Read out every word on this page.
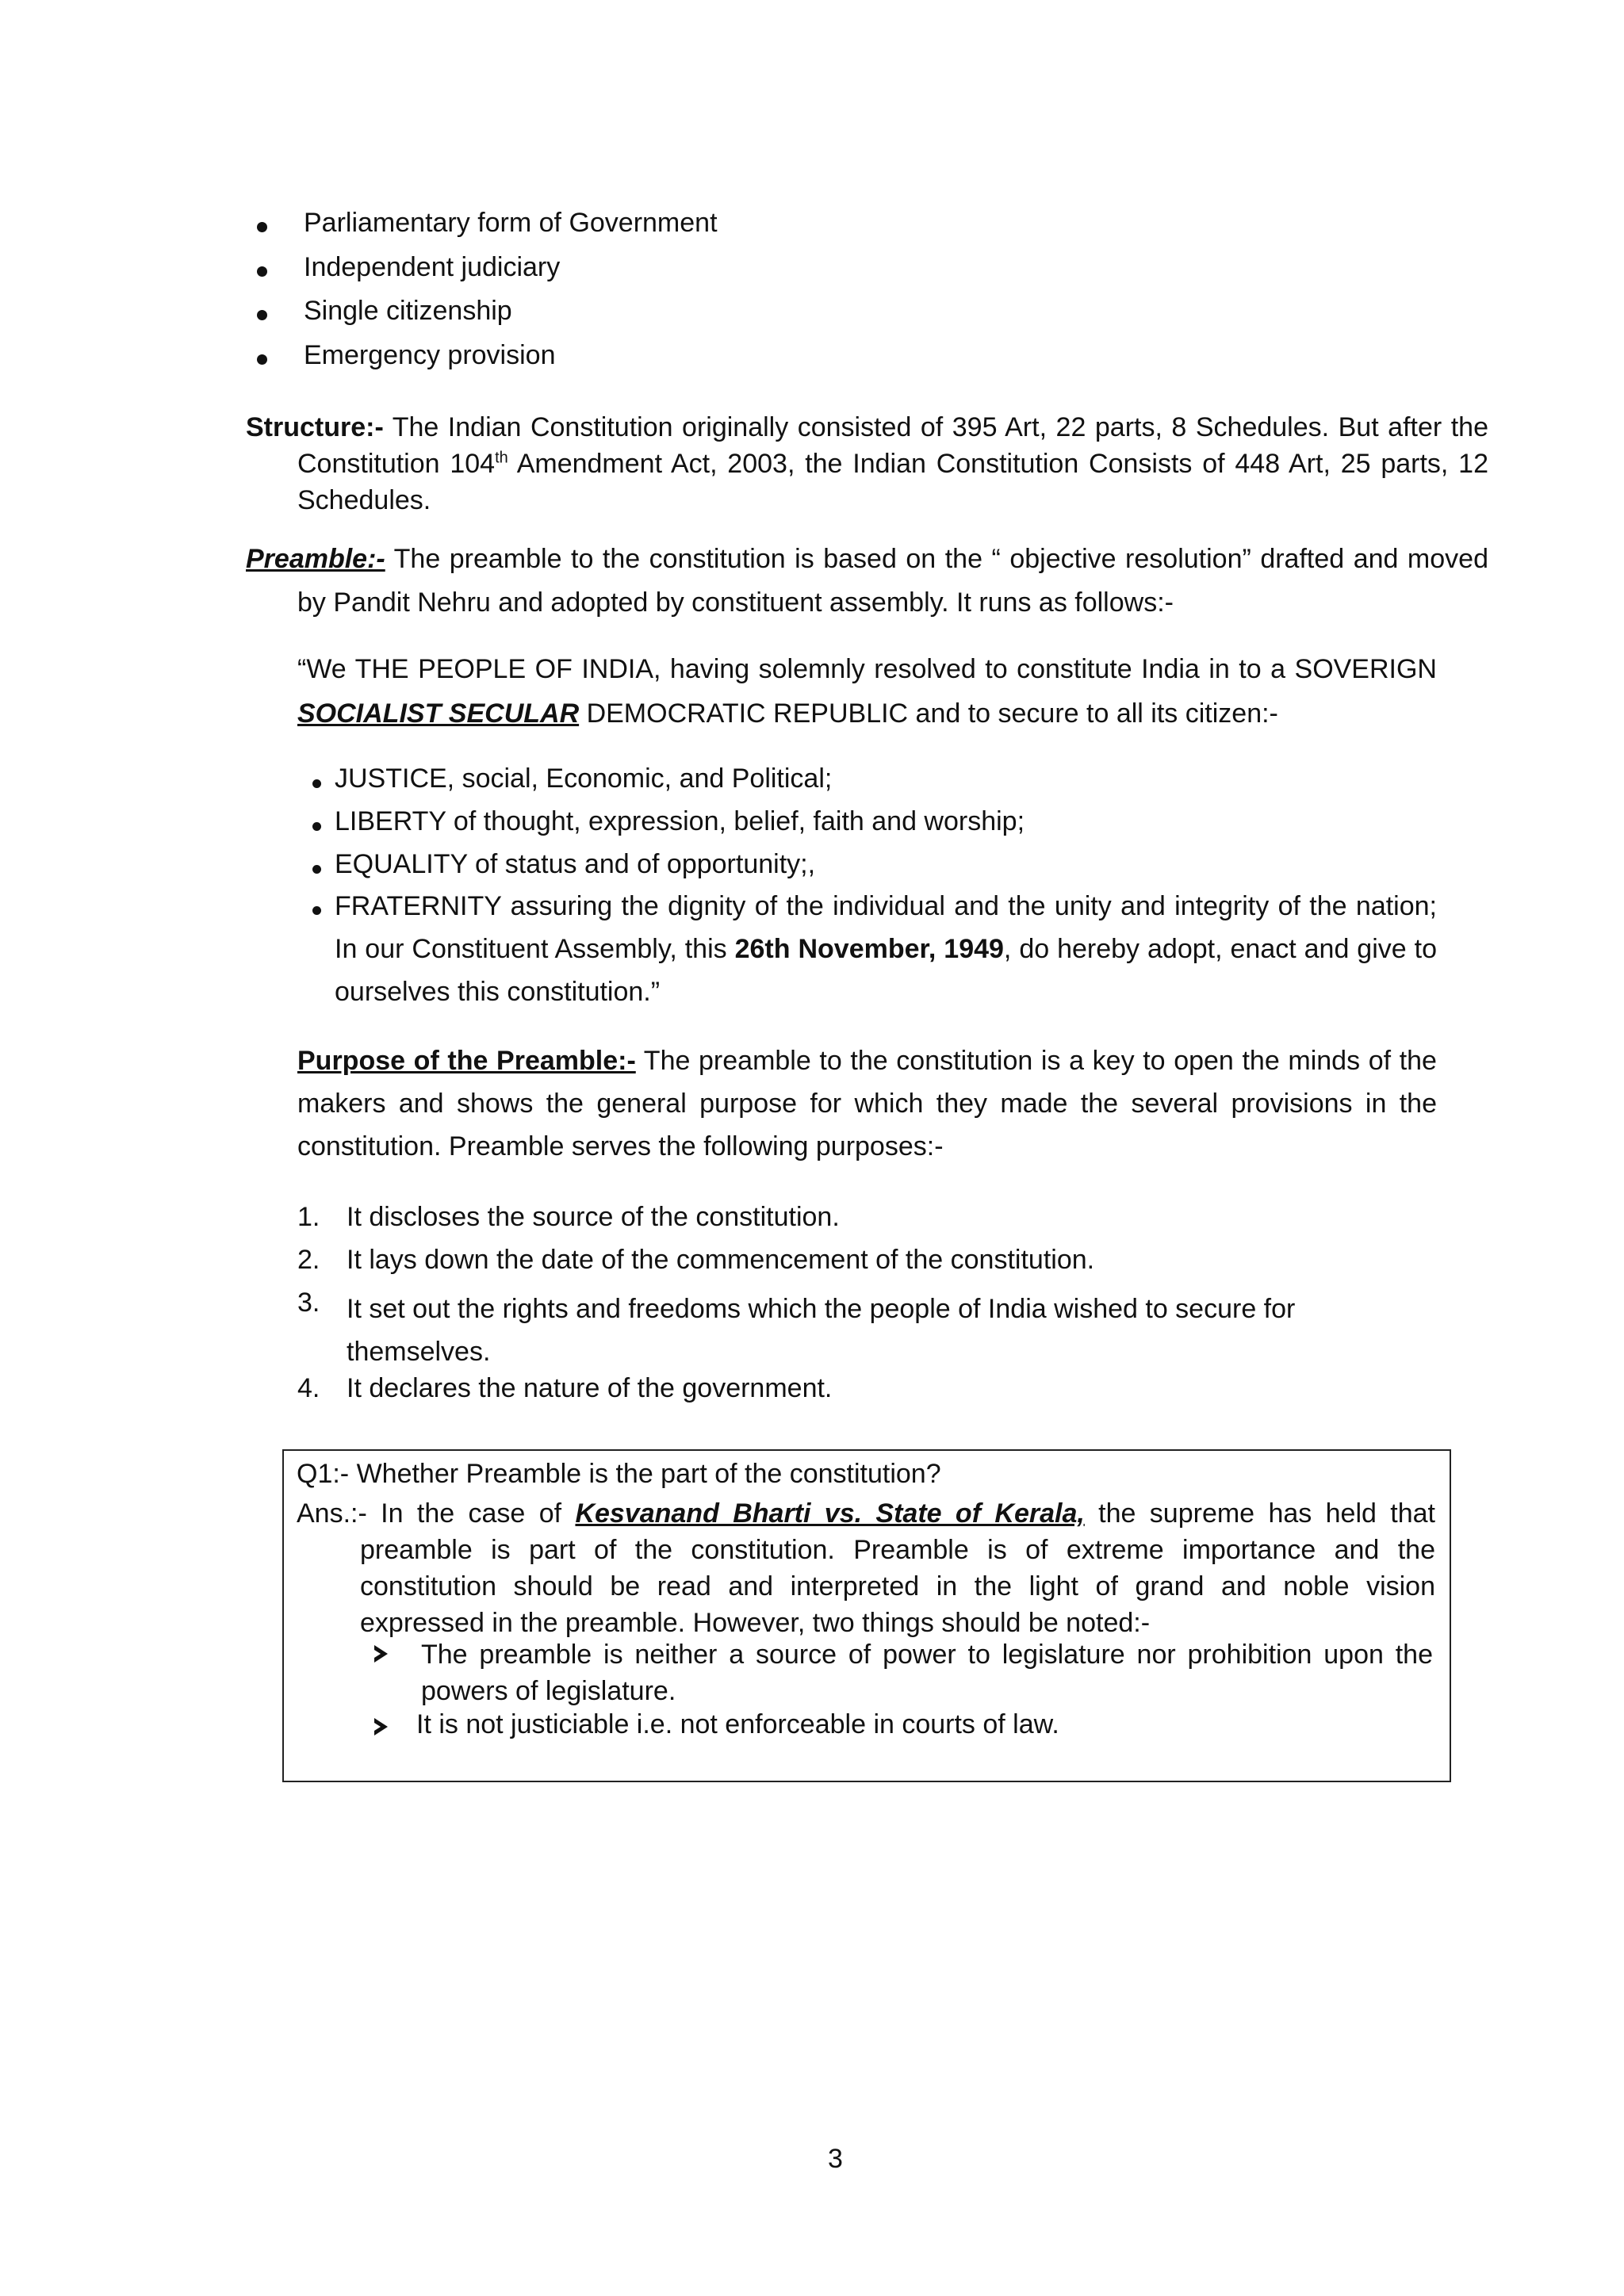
Parliamentary form of Government
Independent judiciary
Single citizenship
Emergency provision
Structure:- The Indian Constitution originally consisted of 395 Art, 22 parts, 8 Schedules. But after the Constitution 104th Amendment Act, 2003, the Indian Constitution Consists of 448 Art, 25 parts, 12 Schedules.
Preamble:- The preamble to the constitution is based on the “ objective resolution” drafted and moved by Pandit Nehru and adopted by constituent assembly. It runs as follows:-
“We THE PEOPLE OF INDIA, having solemnly resolved to constitute India in to a SOVERIGN SOCIALIST SECULAR DEMOCRATIC REPUBLIC and to secure to all its citizen:-
JUSTICE, social, Economic, and Political;
LIBERTY of thought, expression, belief, faith and worship;
EQUALITY of status and of opportunity;,
FRATERNITY assuring the dignity of the individual and the unity and integrity of the nation; In our Constituent Assembly, this 26th November, 1949, do hereby adopt, enact and give to ourselves this constitution.”
Purpose of the Preamble:- The preamble to the constitution is a key to open the minds of the makers and shows the general purpose for which they made the several provisions in the constitution. Preamble serves the following purposes:-
1. It discloses the source of the constitution.
2. It lays down the date of the commencement of the constitution.
3. It set out the rights and freedoms which the people of India wished to secure for themselves.
4. It declares the nature of the government.
Q1:- Whether Preamble is the part of the constitution?
Ans.:- In the case of Kesvanand Bharti vs. State of Kerala, the supreme has held that preamble is part of the constitution. Preamble is of extreme importance and the constitution should be read and interpreted in the light of grand and noble vision expressed in the preamble. However, two things should be noted:-
The preamble is neither a source of power to legislature nor prohibition upon the powers of legislature.
It is not justiciable i.e. not enforceable in courts of law.
3
